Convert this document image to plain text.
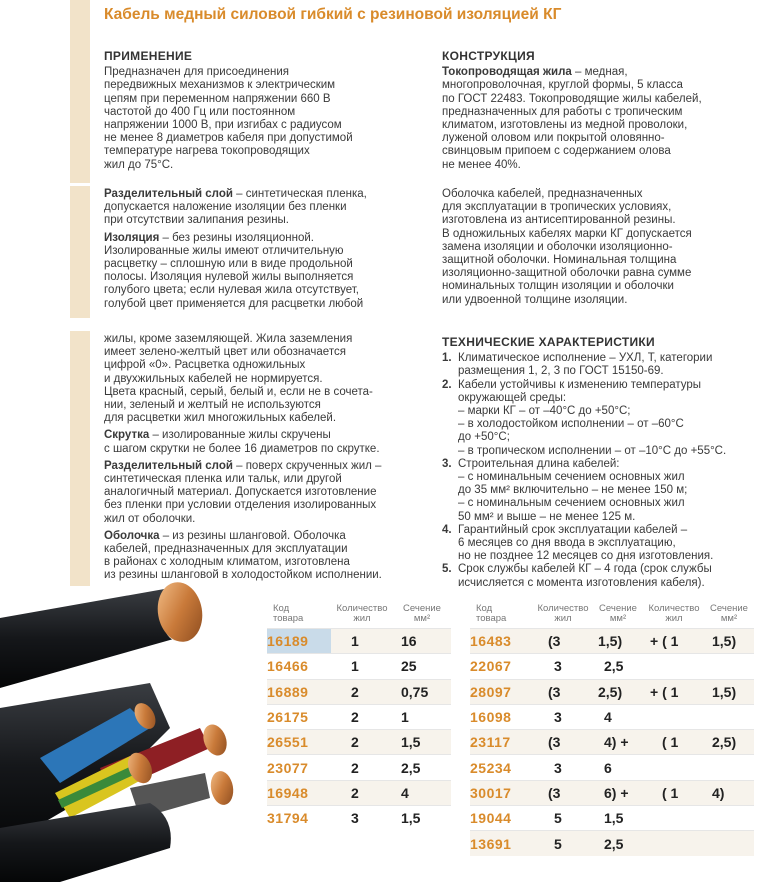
Кабель медный силовой гибкий с резиновой изоляцией КГ
ПРИМЕНЕНИЕ

Предназначен для присоединения

передвижных механизмов к электрическим

цепям при переменном напряжении 660 В

частотой до 400 Гц или постоянном

напряжении 1000 В, при изгибах с радиусом

не менее 8 диаметров кабеля при допустимой

температуре нагрева токопроводящих

жил до 75°С.

Разделительный слой – синтетическая пленка,

допускается наложение изоляции без пленки

при отсутствии залипания резины.

Изоляция – без резины изоляционной.

Изолированные жилы имеют отличительную

расцветку – сплошную или в виде продольной

полосы. Изоляция нулевой жилы выполняется

голубого цвета; если нулевая жила отсутствует,

голубой цвет применяется для расцветки любой

жилы, кроме заземляющей. Жила заземления

имеет зелено-желтый цвет или обозначается

цифрой «0». Расцветка одножильных

и двухжильных кабелей не нормируется.

Цвета красный, серый, белый и, если не в сочета-

нии, зеленый и желтый не используются

для расцветки жил многожильных кабелей.

Скрутка – изолированные жилы скручены

с шагом скрутки не более 16 диаметров по скрутке.

Разделительный слой – поверх скрученных жил –

синтетическая пленка или тальк, или другой

аналогичный материал. Допускается изготовление

без пленки при условии отделения изолированных

жил от оболочки.

Оболочка – из резины шланговой. Оболочка

кабелей, предназначенных для эксплуатации

в районах с холодным климатом, изготовлена

из резины шланговой в холодостойком исполнении.

КОНСТРУКЦИЯ

Токопроводящая жила – медная,

многопроволочная, круглой формы, 5 класса

по ГОСТ 22483. Токопроводящие жилы кабелей,

предназначенных для работы с тропическим

климатом, изготовлены из медной проволоки,

луженой оловом или покрытой оловянно-

свинцовым припоем с содержанием олова

не менее 40%.

Оболочка кабелей, предназначенных

для эксплуатации в тропических условиях,

изготовлена из антисептированной резины.

В одножильных кабелях марки КГ допускается

замена изоляции и оболочки изоляционно-

защитной оболочки. Номинальная толщина

изоляционно-защитной оболочки равна сумме

номинальных толщин изоляции и оболочки

или удвоенной толщине изоляции.

ТЕХНИЧЕСКИЕ ХАРАКТЕРИСТИКИ
1. Климатическое исполнение – УХЛ, Т, категории
размещения 1, 2, 3 по ГОСТ 15150-69.
2. Кабели устойчивы к изменению температуры
окружающей среды:
– марки КГ – от –40°С до +50°С;
– в холодостойком исполнении – от –60°С
до +50°С;
– в тропическом исполнении – от –10°С до +55°С.
3. Строительная длина кабелей:
– с номинальным сечением основных жил
до 35 мм² включительно – не менее 150 м;
– с номинальным сечением основных жил
50 мм² и выше – не менее 125 м.
4. Гарантийный срок эксплуатации кабелей –
6 месяцев со дня ввода в эксплуатацию,
но не позднее 12 месяцев со дня изготовления.
5. Срок службы кабелей КГ – 4 года (срок службы
исчисляется с момента изготовления кабеля).
Код
товара	Количество
жил	Сечение
мм²
16189	1	16
16466	1	25
16889	2	0,75
26175	2	1
26551	2	1,5
23077	2	2,5
16948	2	4
31794	3	1,5
Код
товара	Количество
жил	Сечение
мм²	Количество
жил	Сечение
мм²
16483	(3	1,5)	+ ( 1	1,5)
22067	3	2,5		
28097	(3	2,5)	+ ( 1	1,5)
16098	3	4		
23117	(3	4) +	( 1	2,5)
25234	3	6		
30017	(3	6) +	( 1	4)
19044	5	1,5		
13691	5	2,5		
